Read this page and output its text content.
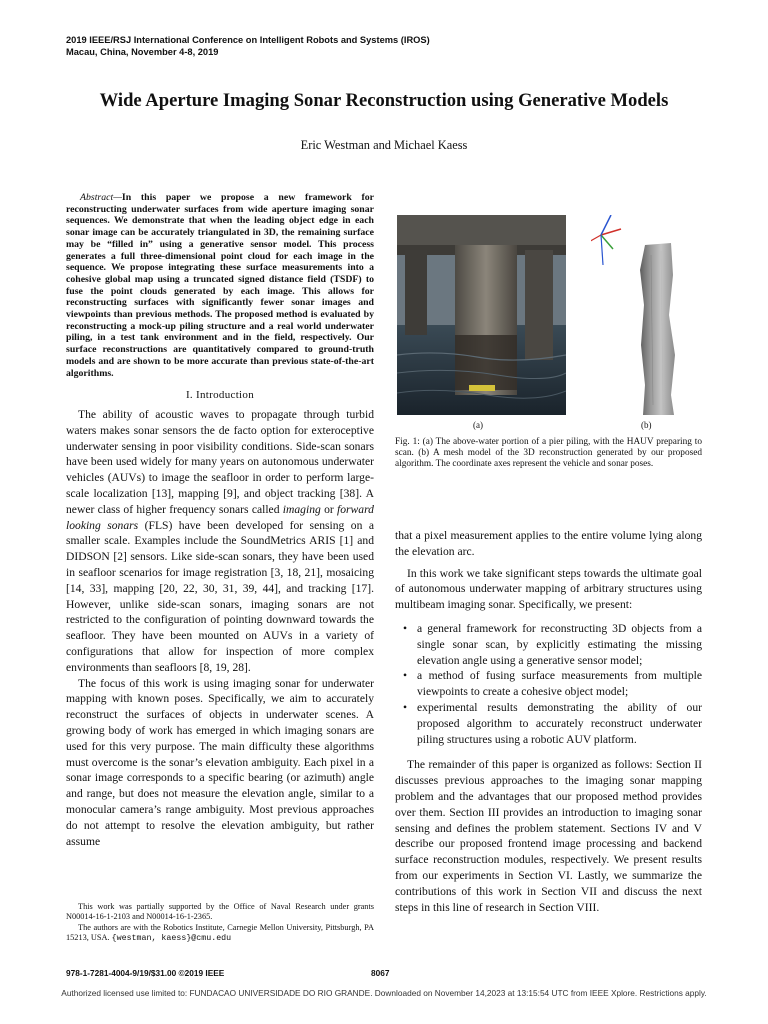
2019 IEEE/RSJ International Conference on Intelligent Robots and Systems (IROS)
Macau, China, November 4-8, 2019
Wide Aperture Imaging Sonar Reconstruction using Generative Models
Eric Westman and Michael Kaess

Abstract—In this paper we propose a new framework for reconstructing underwater surfaces from wide aperture imaging sonar sequences. We demonstrate that when the leading object edge in each sonar image can be accurately triangulated in 3D, the remaining surface may be “filled in” using a generative sensor model. This process generates a full three-dimensional point cloud for each image in the sequence. We propose integrating these surface measurements into a cohesive global map using a truncated signed distance field (TSDF) to fuse the point clouds generated by each image. This allows for reconstructing surfaces with significantly fewer sonar images and viewpoints than previous methods. The proposed method is evaluated by reconstructing a mock-up piling structure and a real world underwater piling, in a test tank environment and in the field, respectively. Our surface reconstructions are quantitatively compared to ground-truth models and are shown to be more accurate than previous state-of-the-art algorithms.

I. Introduction

The ability of acoustic waves to propagate through turbid waters makes sonar sensors the de facto option for exteroceptive underwater sensing in poor visibility conditions. Side-scan sonars have been used widely for many years on autonomous underwater vehicles (AUVs) to image the seafloor in order to perform large-scale localization [13], mapping [9], and object tracking [38]. A newer class of higher frequency sonars called imaging or forward looking sonars (FLS) have been developed for sensing on a smaller scale. Examples include the SoundMetrics ARIS [1] and DIDSON [2] sensors. Like side-scan sonars, they have been used in seafloor scenarios for image registration [3, 18, 21], mosaicing [14, 33], mapping [20, 22, 30, 31, 39, 44], and tracking [17]. However, unlike side-scan sonars, imaging sonars are not restricted to the configuration of pointing downward towards the seafloor. They have been mounted on AUVs in a variety of configurations that allow for inspection of more complex environments than seafloors [8, 19, 28].

The focus of this work is using imaging sonar for underwater mapping with known poses. Specifically, we aim to accurately reconstruct the surfaces of objects in underwater scenes. A growing body of work has emerged in which imaging sonars are used for this very purpose. The main difficulty these algorithms must overcome is the sonar’s elevation ambiguity. Each pixel in a sonar image corresponds to a specific bearing (or azimuth) angle and range, but does not measure the elevation angle, similar to a monocular camera’s range ambiguity. Most previous approaches do not attempt to resolve the elevation ambiguity, but rather assume

This work was partially supported by the Office of Naval Research under grants N00014-16-1-2103 and N00014-16-1-2365.

The authors are with the Robotics Institute, Carnegie Mellon University, Pittsburgh, PA 15213, USA. {westman, kaess}@cmu.edu

(a)	(b)
Fig. 1: (a) The above-water portion of a pier piling, with the HAUV preparing to scan. (b) A mesh model of the 3D reconstruction generated by our proposed algorithm. The coordinate axes represent the vehicle and sonar poses.

that a pixel measurement applies to the entire volume lying along the elevation arc.

In this work we take significant steps towards the ultimate goal of autonomous underwater mapping of arbitrary structures using multibeam imaging sonar. Specifically, we present:

• a general framework for reconstructing 3D objects from a single sonar scan, by explicitly estimating the missing elevation angle using a generative sensor model;
• a method of fusing surface measurements from multiple viewpoints to create a cohesive object model;
• experimental results demonstrating the ability of our proposed algorithm to accurately reconstruct underwater piling structures using a robotic AUV platform.

The remainder of this paper is organized as follows: Section II discusses previous approaches to the imaging sonar mapping problem and the advantages that our proposed method provides over them. Section III provides an introduction to imaging sonar sensing and defines the problem statement. Sections IV and V describe our proposed frontend image processing and backend surface reconstruction modules, respectively. We present results from our experiments in Section VI. Lastly, we summarize the contributions of this work in Section VII and discuss the next steps in this line of research in Section VIII.

978-1-7281-4004-9/19/$31.00 ©2019 IEEE	8067
Authorized licensed use limited to: FUNDACAO UNIVERSIDADE DO RIO GRANDE. Downloaded on November 14,2023 at 13:15:54 UTC from IEEE Xplore. Restrictions apply.
